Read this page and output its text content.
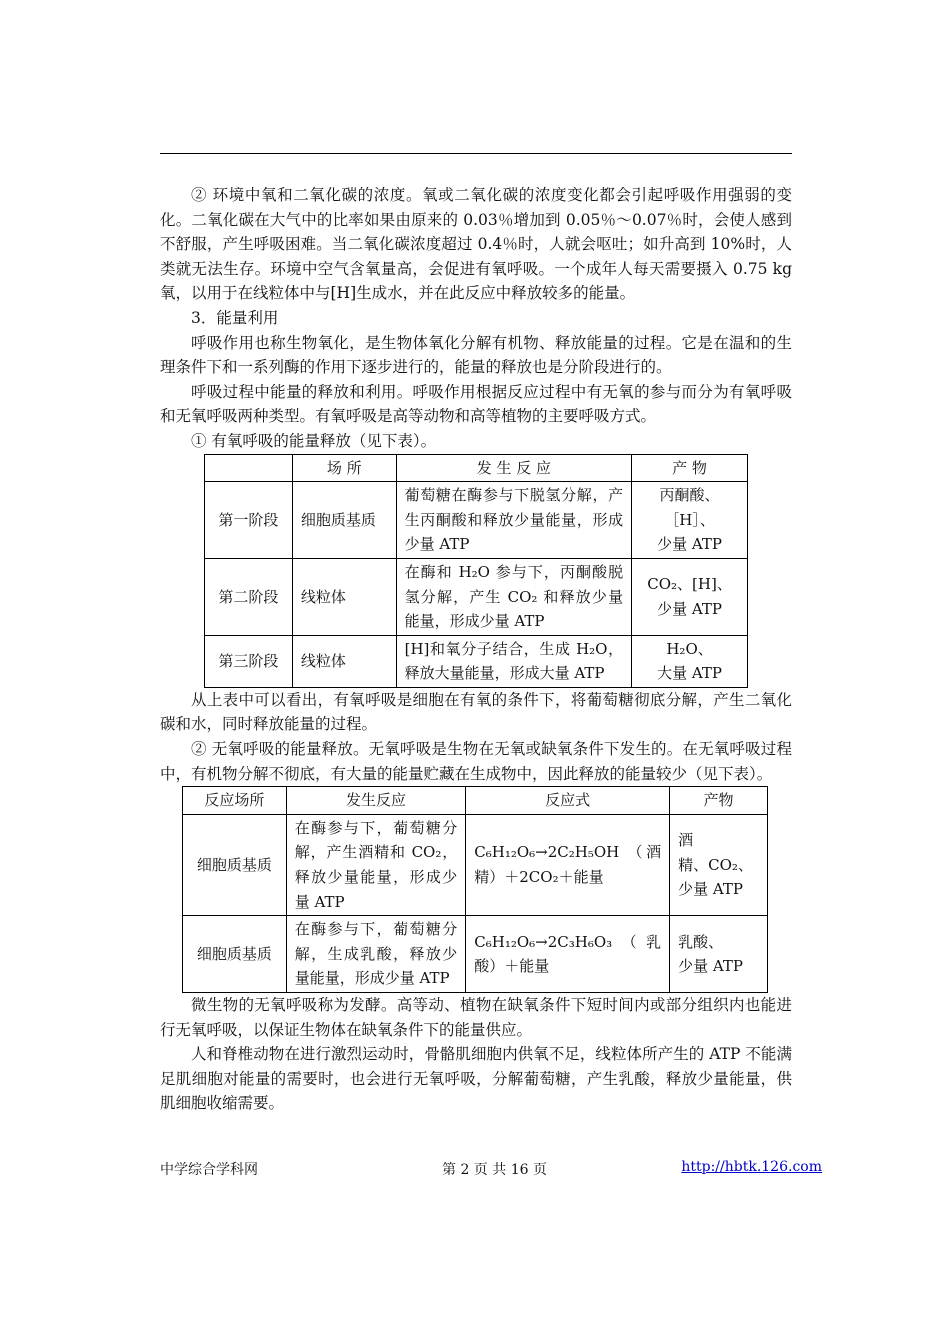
② 环境中氧和二氧化碳的浓度。氧或二氧化碳的浓度变化都会引起呼吸作用强弱的变化。二氧化碳在大气中的比率如果由原来的 0.03％增加到 0.05％～0.07％时，会使人感到不舒服，产生呼吸困难。当二氧化碳浓度超过 0.4％时，人就会呕吐；如升高到 10%时，人类就无法生存。环境中空气含氧量高，会促进有氧呼吸。一个成年人每天需要摄入 0.75 kg 氧，以用于在线粒体中与[H]生成水，并在此反应中释放较多的能量。

3．能量利用

呼吸作用也称生物氧化，是生物体氧化分解有机物、释放能量的过程。它是在温和的生理条件下和一系列酶的作用下逐步进行的，能量的释放也是分阶段进行的。

呼吸过程中能量的释放和利用。呼吸作用根据反应过程中有无氧的参与而分为有氧呼吸和无氧呼吸两种类型。有氧呼吸是高等动物和高等植物的主要呼吸方式。

① 有氧呼吸的能量释放（见下表）。

	场 所	发 生 反 应	产 物
第一阶段	细胞质基质	葡萄糖在酶参与下脱氢分解，产生丙酮酸和释放少量能量，形成少量 ATP	丙酮酸、
［H］、
少量 ATP

第二阶段	线粒体	在酶和 H₂O 参与下，丙酮酸脱氢分解，产生 CO₂ 和释放少量能量，形成少量 ATP	CO₂、[H]、
少量 ATP

第三阶段	线粒体	[H]和氧分子结合，生成 H₂O，释放大量能量，形成大量 ATP	H₂O、
大量 ATP

从上表中可以看出，有氧呼吸是细胞在有氧的条件下，将葡萄糖彻底分解，产生二氧化碳和水，同时释放能量的过程。

② 无氧呼吸的能量释放。无氧呼吸是生物在无氧或缺氧条件下发生的。在无氧呼吸过程中，有机物分解不彻底，有大量的能量贮藏在生成物中，因此释放的能量较少（见下表）。

反应场所	发生反应	反应式	产物
细胞质基质	在酶参与下，葡萄糖分解，产生酒精和 CO₂，释放少量能量，形成少量 ATP	C₆H₁₂O₆→2C₂H₅OH （酒精）＋2CO₂＋能量	酒
精、CO₂、
少量 ATP

细胞质基质	在酶参与下，葡萄糖分解，生成乳酸，释放少量能量，形成少量 ATP	C₆H₁₂O₆→2C₃H₆O₃（乳酸）＋能量	乳酸、
少量 ATP

微生物的无氧呼吸称为发酵。高等动、植物在缺氧条件下短时间内或部分组织内也能进行无氧呼吸，以保证生物体在缺氧条件下的能量供应。

人和脊椎动物在进行激烈运动时，骨骼肌细胞内供氧不足，线粒体所产生的 ATP 不能满足肌细胞对能量的需要时，也会进行无氧呼吸，分解葡萄糖，产生乳酸，释放少量能量，供肌细胞收缩需要。

中学综合学科网	第 2 页 共 16 页	http://hbtk.126.com
